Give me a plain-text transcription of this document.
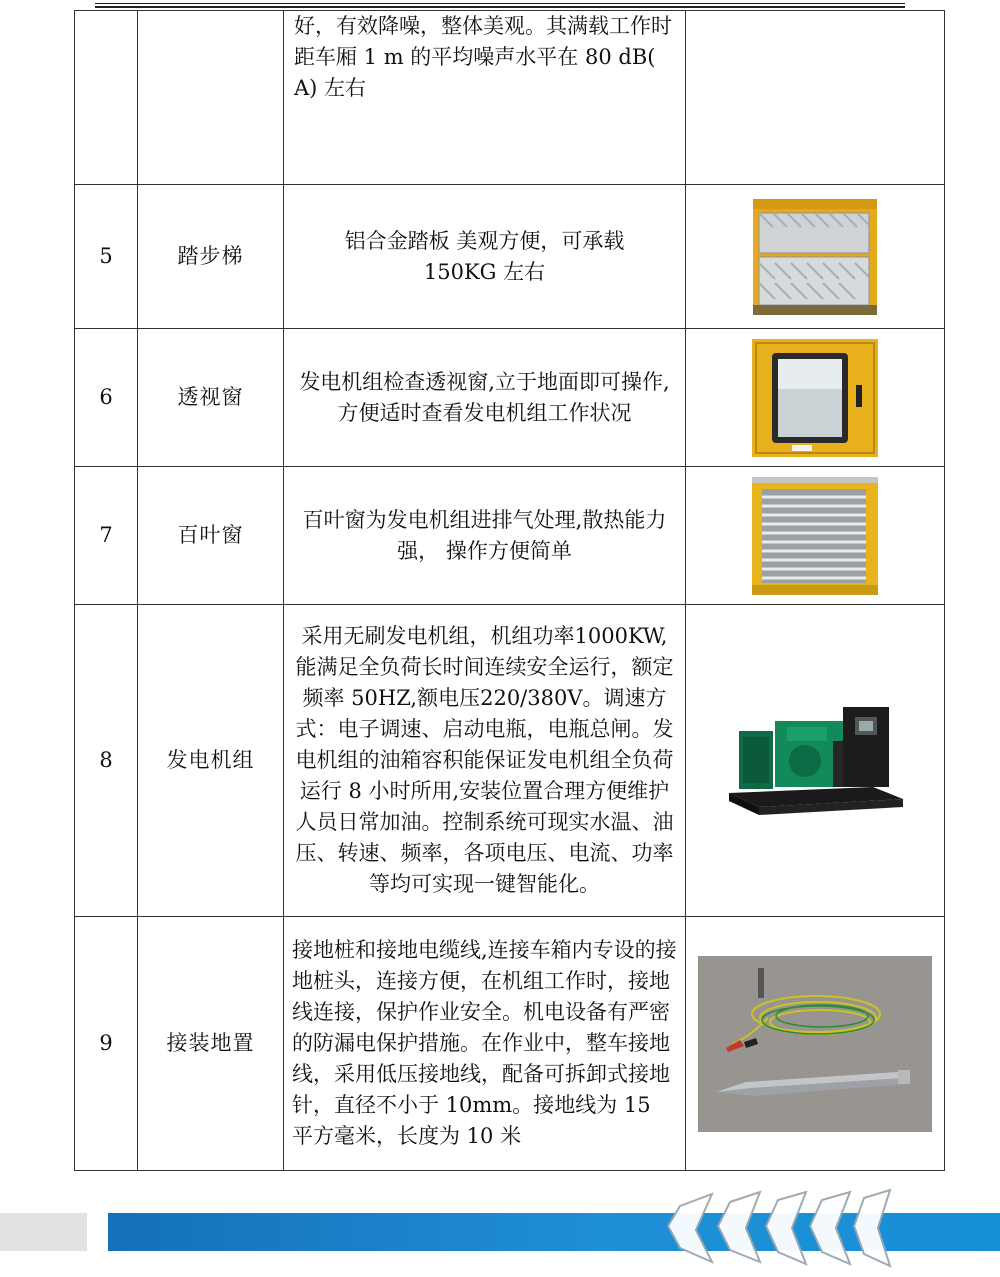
		好，有效降噪，整体美观。其满载工作时距车厢 1 m 的平均噪声水平在 80 dB( A) 左右	

5	踏步梯	铝合金踏板 美观方便，可承载 150KG 左右

6	透视窗	发电机组检查透视窗,立于地面即可操作,方便适时查看发电机组工作状况

7	百叶窗	百叶窗为发电机组进排气处理,散热能力强， 操作方便简单

8	发电机组	采用无刷发电机组，机组功率1000KW,能满足全负荷长时间连续安全运行，额定频率 50HZ,额电压220/380V。调速方式：电子调速、启动电瓶，电瓶总闸。发电机组的油箱容积能保证发电机组全负荷运行 8 小时所用,安装位置合理方便维护人员日常加油。控制系统可现实水温、油压、转速、频率，各项电压、电流、功率等均可实现一键智能化。

9	接装地置	接地桩和接地电缆线,连接车箱内专设的接地桩头，连接方便，在机组工作时，接地线连接，保护作业安全。机电设备有严密的防漏电保护措施。在作业中，整车接地线，采用低压接地线，配备可拆卸式接地针，直径不小于 10mm。接地线为 15 平方毫米，长度为 10 米
